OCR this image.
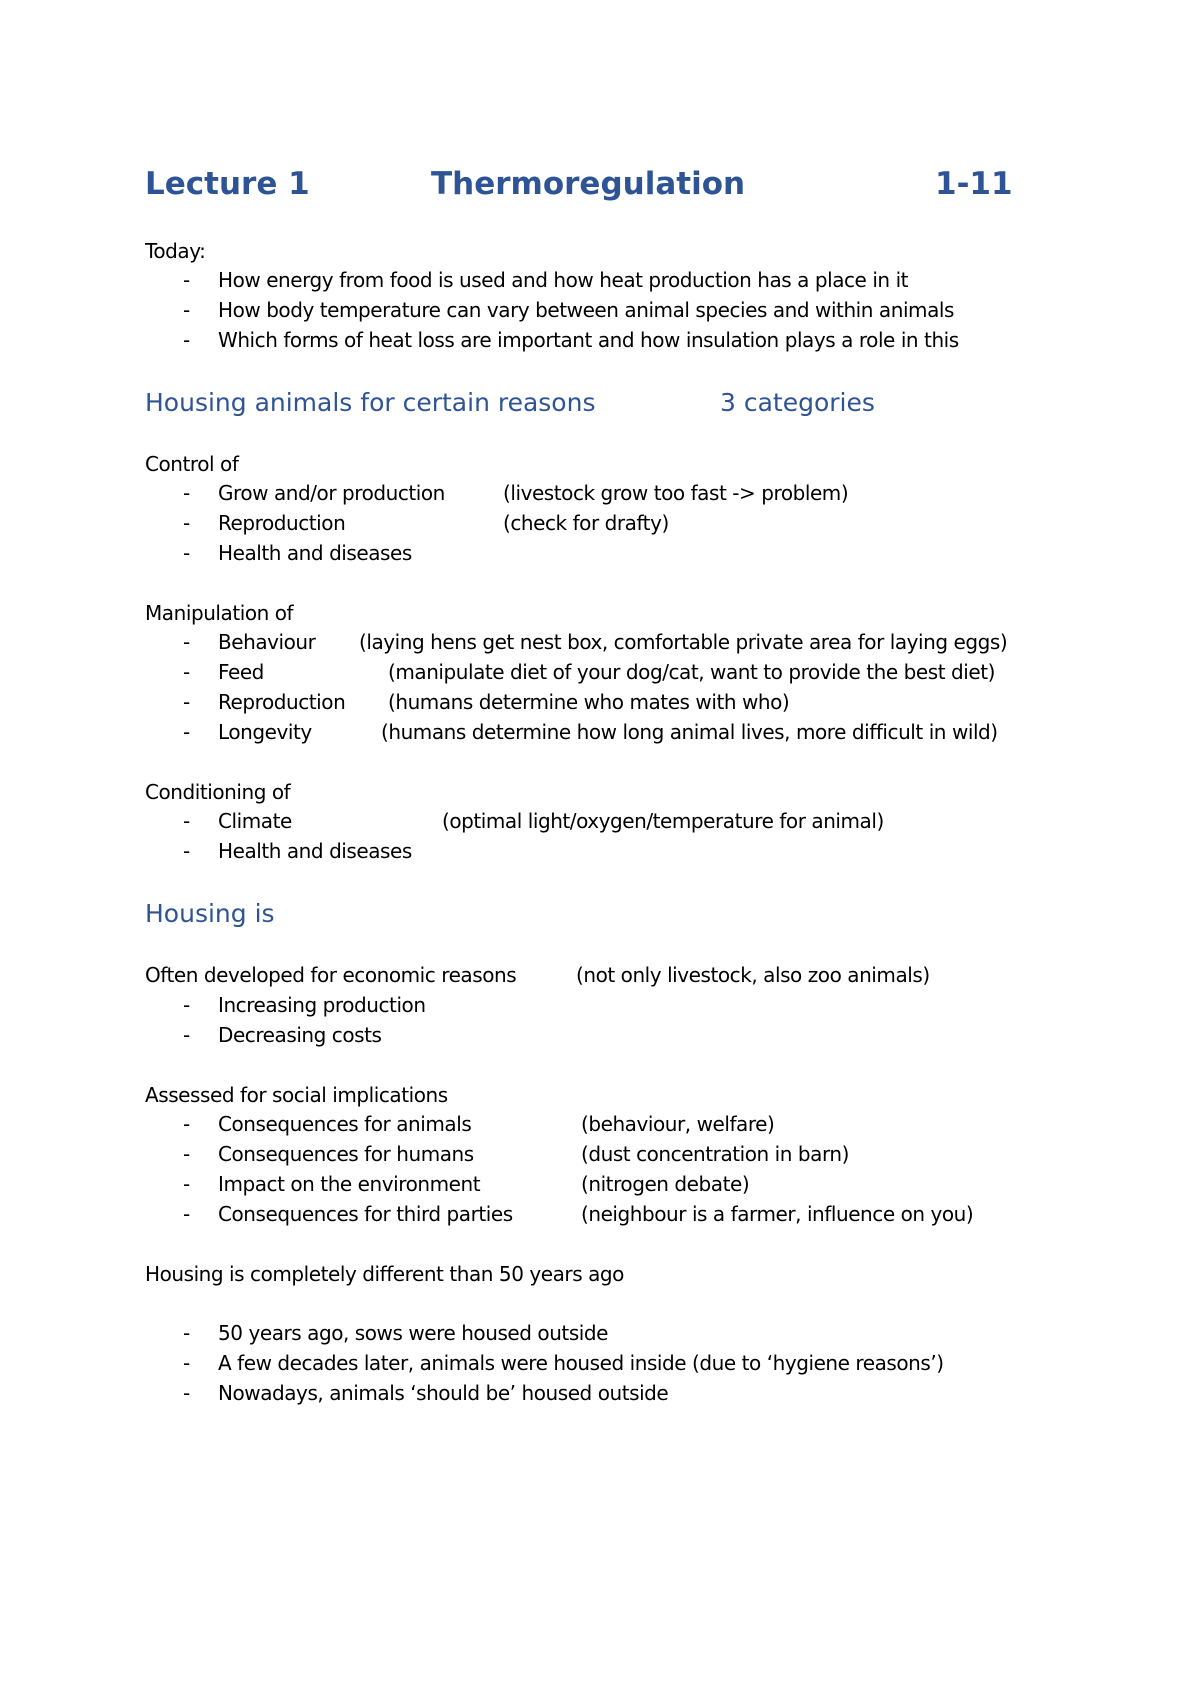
Lecture 1	Thermoregulation	1-11
Today:
- How energy from food is used and how heat production has a place in it
- How body temperature can vary between animal species and within animals
- Which forms of heat loss are important and how insulation plays a role in this
Housing animals for certain reasons	3 categories
Control of
- Grow and/or production	(livestock grow too fast -> problem)
- Reproduction	(check for drafty)
- Health and diseases
Manipulation of
- Behaviour (laying hens get nest box, comfortable private area for laying eggs)
- Feed	(manipulate diet of your dog/cat, want to provide the best diet)
- Reproduction (humans determine who mates with who)
- Longevity	(humans determine how long animal lives, more difficult in wild)
Conditioning of
- Climate	(optimal light/oxygen/temperature for animal)
- Health and diseases
Housing is
Often developed for economic reasons	(not only livestock, also zoo animals)
- Increasing production
- Decreasing costs
Assessed for social implications
- Consequences for animals	(behaviour, welfare)
- Consequences for humans	(dust concentration in barn)
- Impact on the environment	(nitrogen debate)
- Consequences for third parties	(neighbour is a farmer, influence on you)
Housing is completely different than 50 years ago
- 50 years ago, sows were housed outside
- A few decades later, animals were housed inside (due to ‘hygiene reasons’)
- Nowadays, animals ‘should be’ housed outside
